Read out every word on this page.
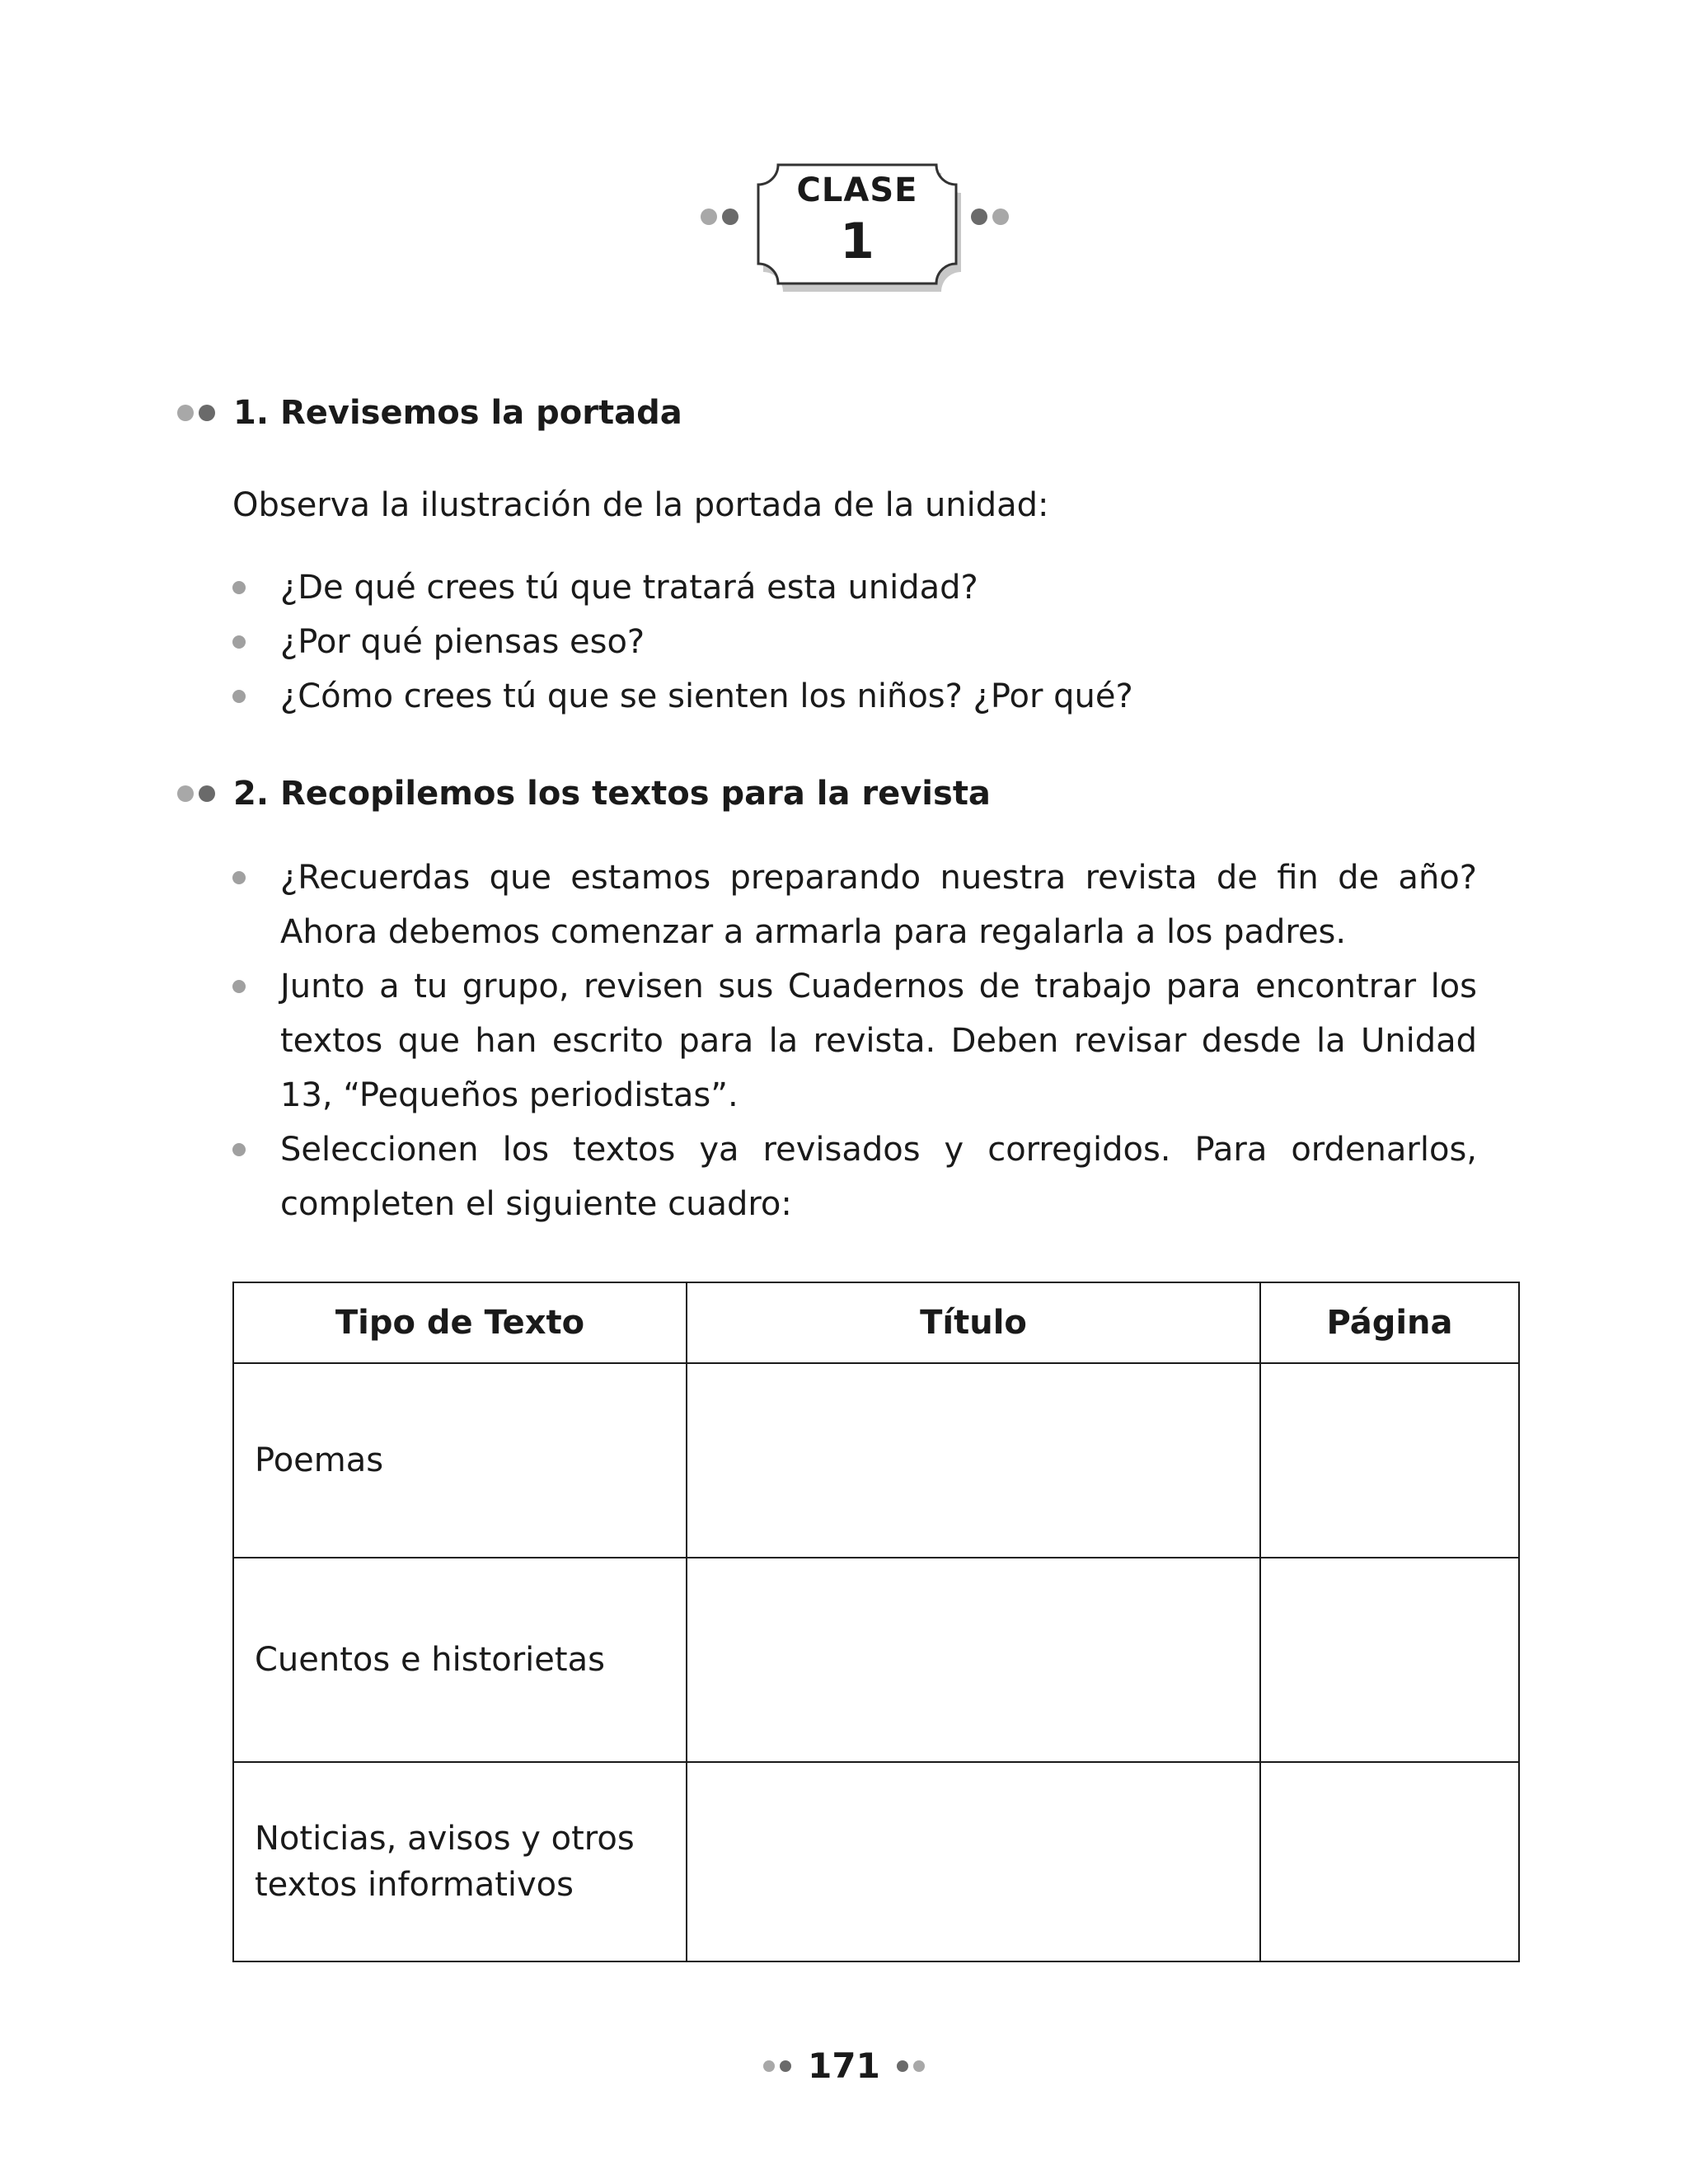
CLASE
1
1. Revisemos la portada

Observa la ilustración de la portada de la unidad:

¿De qué crees tú que tratará esta unidad?
¿Por qué piensas eso?
¿Cómo crees tú que se sienten los niños? ¿Por qué?
2. Recopilemos los textos para la revista
¿Recuerdas que estamos preparando nuestra revista de fin de año? Ahora debemos comenzar a armarla para regalarla a los padres.
Junto a tu grupo, revisen sus Cuadernos de trabajo para encontrar los textos que han escrito para la revista. Deben revisar desde la Unidad 13, “Pequeños periodistas”.
Seleccionen los textos ya revisados y corregidos. Para ordenarlos, completen el siguiente cuadro:
Tipo de Texto	Título	Página
Poemas		
Cuentos e historietas		
Noticias, avisos y otros textos informativos		
171
